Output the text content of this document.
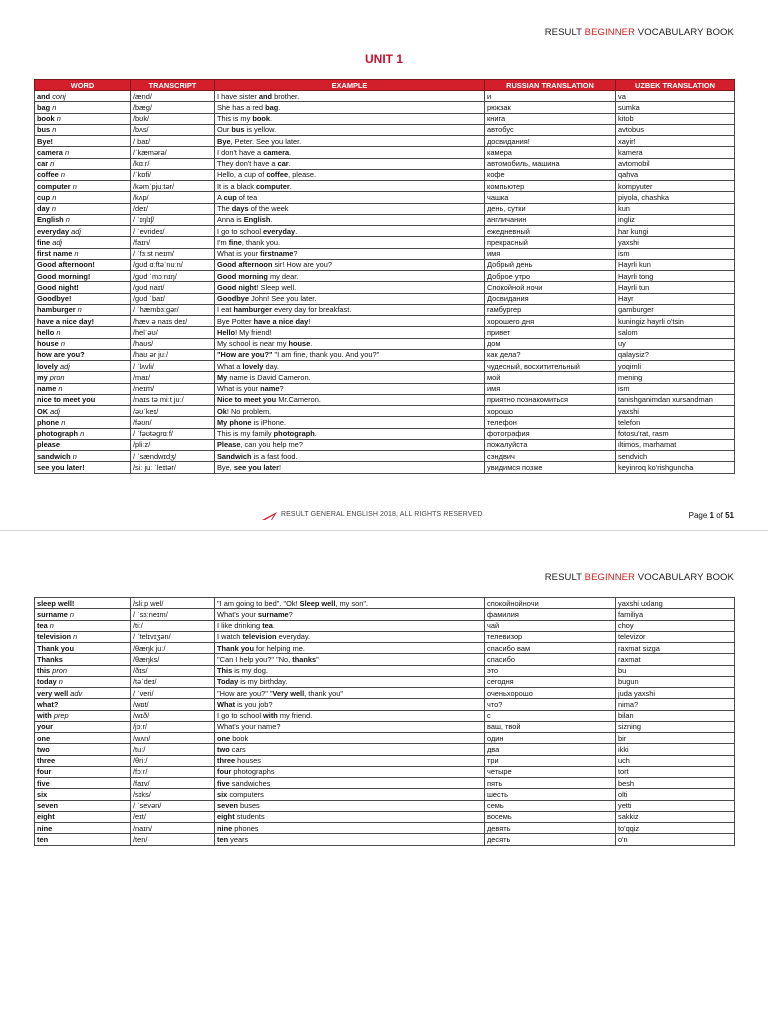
RESULT BEGINNER VOCABULARY BOOK
UNIT 1
WORD	TRANSCRIPT	EXAMPLE	RUSSIAN TRANSLATION	UZBEK TRANSLATION
and conj	/ænd/	I have sister and brother.	и	va
bag n	/bæg/	She has a red bag.	рюкзак	sumka
book n	/bʊk/	This is my book.	книга	kitob
bus n	/bʌs/	Our bus is yellow.	автобус	avtobus
Bye!	/ baɪ/	Bye, Peter. See you later.	досвидания!	xayir!
camera n	/ˈkæmərə/	I don't have a camera.	камера	kamera
car n	/kɑːr/	They don't have a car.	автомобиль, машина	avtomobil
coffee n	/ˈkɒfi/	Hello, a cup of coffee, please.	кофе	qahva
computer n	/kəmˈpjuːtər/	It is a black computer.	компьютер	kompyuter
cup n	/kʌp/	A cup of tea	чашка	piyola, chashka
day n	/deɪ/	The days of the week	день, сутки	kun
English n	/ ˈɪŋlɪʃ/	Anna is English.	англичанин	ingliz
everyday adj	/ ˈevrideɪ/	I go to school everyday.	ежедневный	har kungi
fine adj	/faɪn/	I'm fine, thank you.	прекрасный	yaxshi
first name n	/ ˈfɜːst neɪm/	What is your firstname?	имя	ism
Good afternoon!	/ɡʊd ɑːftəˈnuːn/	Good afternoon sir! How are you?	Добрый день	Hayrli kun
Good morning!	/ɡʊd ˈmɔːnɪŋ/	Good morning my dear.	Доброе утро	Hayrli tong
Good night!	/ɡʊd naɪt/	Good night! Sleep well.	Спокойной ночи	Hayrli tun
Goodbye!	/ɡʊd ˈbaɪ/	Goodbye John! See you later.	Досвидания	Hayr
hamburger n	/ ˈhæmbɜːɡər/	I eat hamburger every day for breakfast.	гамбургер	gamburger
have a nice day!	/hæv ə naɪs deɪ/	Bye Potter have a nice day!	хорошего дня	kuningiz hayrli o'tsin
hello n	/helˈəʊ/	Hello! My friend!	привет	salom
house n	/haʊs/	My school is near my house.	дом	uy
how are you?	/haʊ ər juː/	"How are you?" "I am fine, thank you. And you?"	как дела?	qalaysiz?
lovely adj	/ ˈlʌvli/	What a lovely day.	чудесный, восхитительный	yoqimli
my pron	/maɪ/	My name is David Cameron.	мой	mening
name n	/neɪm/	What is your name?	имя	ism
nice to meet you	/naɪs tə miːt juː/	Nice to meet you Mr.Cameron.	приятно познакомиться	tanishganimdan xursandman
OK adj	/əʊˈkeɪ/	Ok! No problem.	хорошо	yaxshi
phone n	/fəʊn/	My phone is iPhone.	телефон	telefon
photograph n	/ ˈfəʊtəɡrɑːf/	This is my family photograph.	фотография	fotosu'rat, rasm
please	/pliːz/	Please, can you help me?	пожалуйста	iltimos, marhamat
sandwich n	/ ˈsændwɪdʒ/	Sandwich is a fast food.	сэндвич	sendvich
see you later!	/siː juː ˈleɪtər/	Bye, see you later!	увидимся позже	keyinroq ko'rishguncha
RESULT GENERAL ENGLISH 2018, ALL RIGHTS RESERVED	Page 1 of 51
RESULT BEGINNER VOCABULARY BOOK
sleep well!	/sliːp wel/	"I am going to bed". "Ok! Sleep well, my son".	спокойнойночи	yaxshi uxlang
surname n	/ ˈsɜːneɪm/	What's your surname?	фамилия	familiya
tea n	/tiː/	I like drinking tea.	чай	choy
television n	/ ˈtelɪvɪʒən/	I watch television everyday.	телевизор	televizor
Thank you	/θæŋk juː/	Thank you for helping me.	спасибо вам	raxmat sizga
Thanks	/θæŋks/	"Can I help you?" "No, thanks"	спасибо	raxmat
this pron	/ðɪs/	This is my dog.	это	bu
today n	/təˈdeɪ/	Today is my birthday.	сегодня	bugun
very well adv	/ ˈveri/	"How are you?" "Very well, thank you"	оченьхорошо	juda yaxshi
what?	/wɒt/	What is you job?	что?	nima?
with prep	/wɪð/	I go to school with my friend.	с	bilan
your	/jɔːr/	What's your name?	ваш, твой	sizning
one	/wʌn/	one book	один	bir
two	/tuː/	two cars	два	ikki
three	/θriː/	three houses	три	uch
four	/fɔːr/	four photographs	четыре	tort
five	/faɪv/	five sandwiches	пять	besh
six	/sɪks/	six computers	шесть	olti
seven	/ ˈsevən/	seven buses	семь	yetti
eight	/eɪt/	eight students	восемь	sakkiz
nine	/naɪn/	nine phones	девять	to'qqiz
ten	/ten/	ten years	десять	o'n
